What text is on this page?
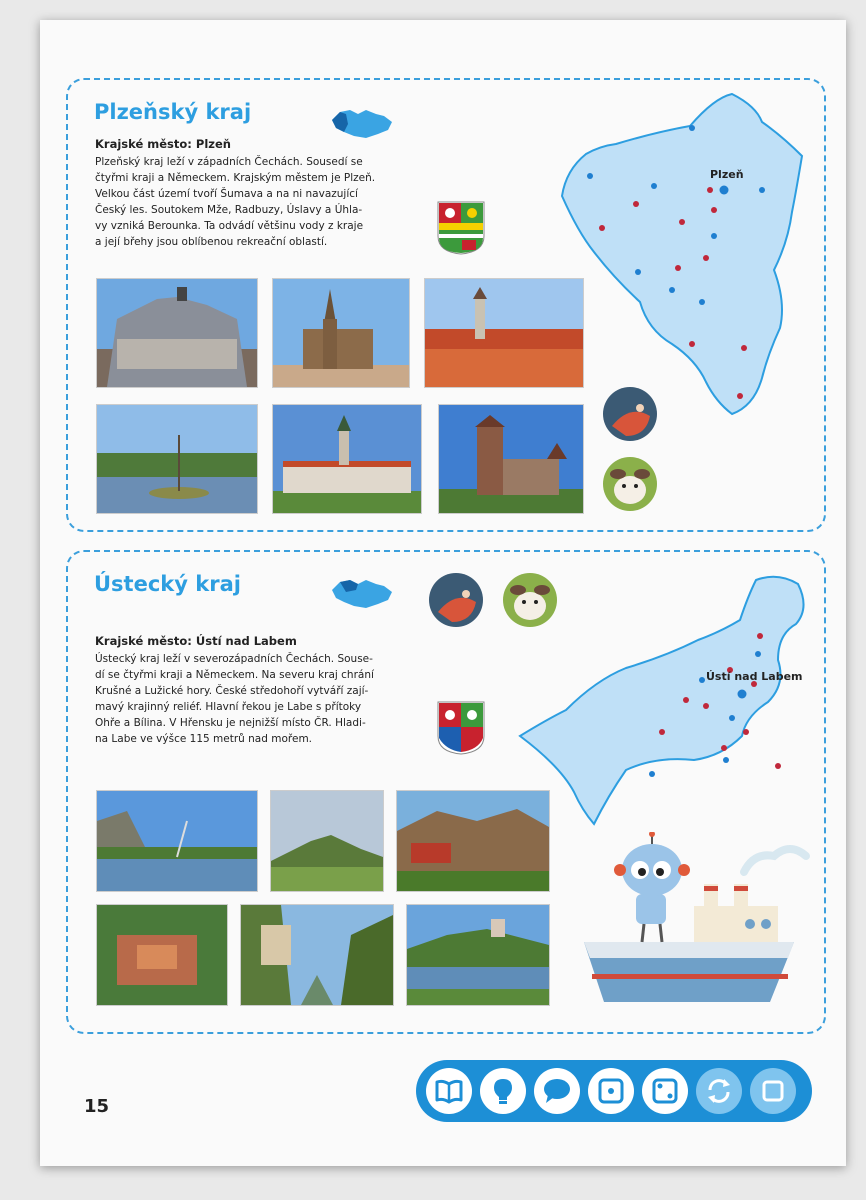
Plzeňský kraj
Krajské město: Plzeň
Plzeňský kraj leží v západních Čechách. Sousedí se
čtyřmi kraji a Německem. Krajským městem je Plzeň.
Velkou část území tvoří Šumava a na ni navazující
Český les. Soutokem Mže, Radbuzy, Úslavy a Úhla-
vy vzniká Berounka. Ta odvádí většinu vody z kraje
a její břehy jsou oblíbenou rekreační oblastí.
Plzeň
Ústecký kraj
Krajské město: Ústí nad Labem
Ústecký kraj leží v severozápadních Čechách. Sousе-
dí se čtyřmi kraji a Německem. Na severu kraj chrání
Krušné a Lužické hory. České středohoří vytváří zají-
mavý krajinný reliéf. Hlavní řekou je Labe s přítoky
Ohře a Bílina. V Hřensku je nejnižší místo ČR. Hladi-
na Labe ve výšce 115 metrů nad mořem.
Ústí nad Labem
15
